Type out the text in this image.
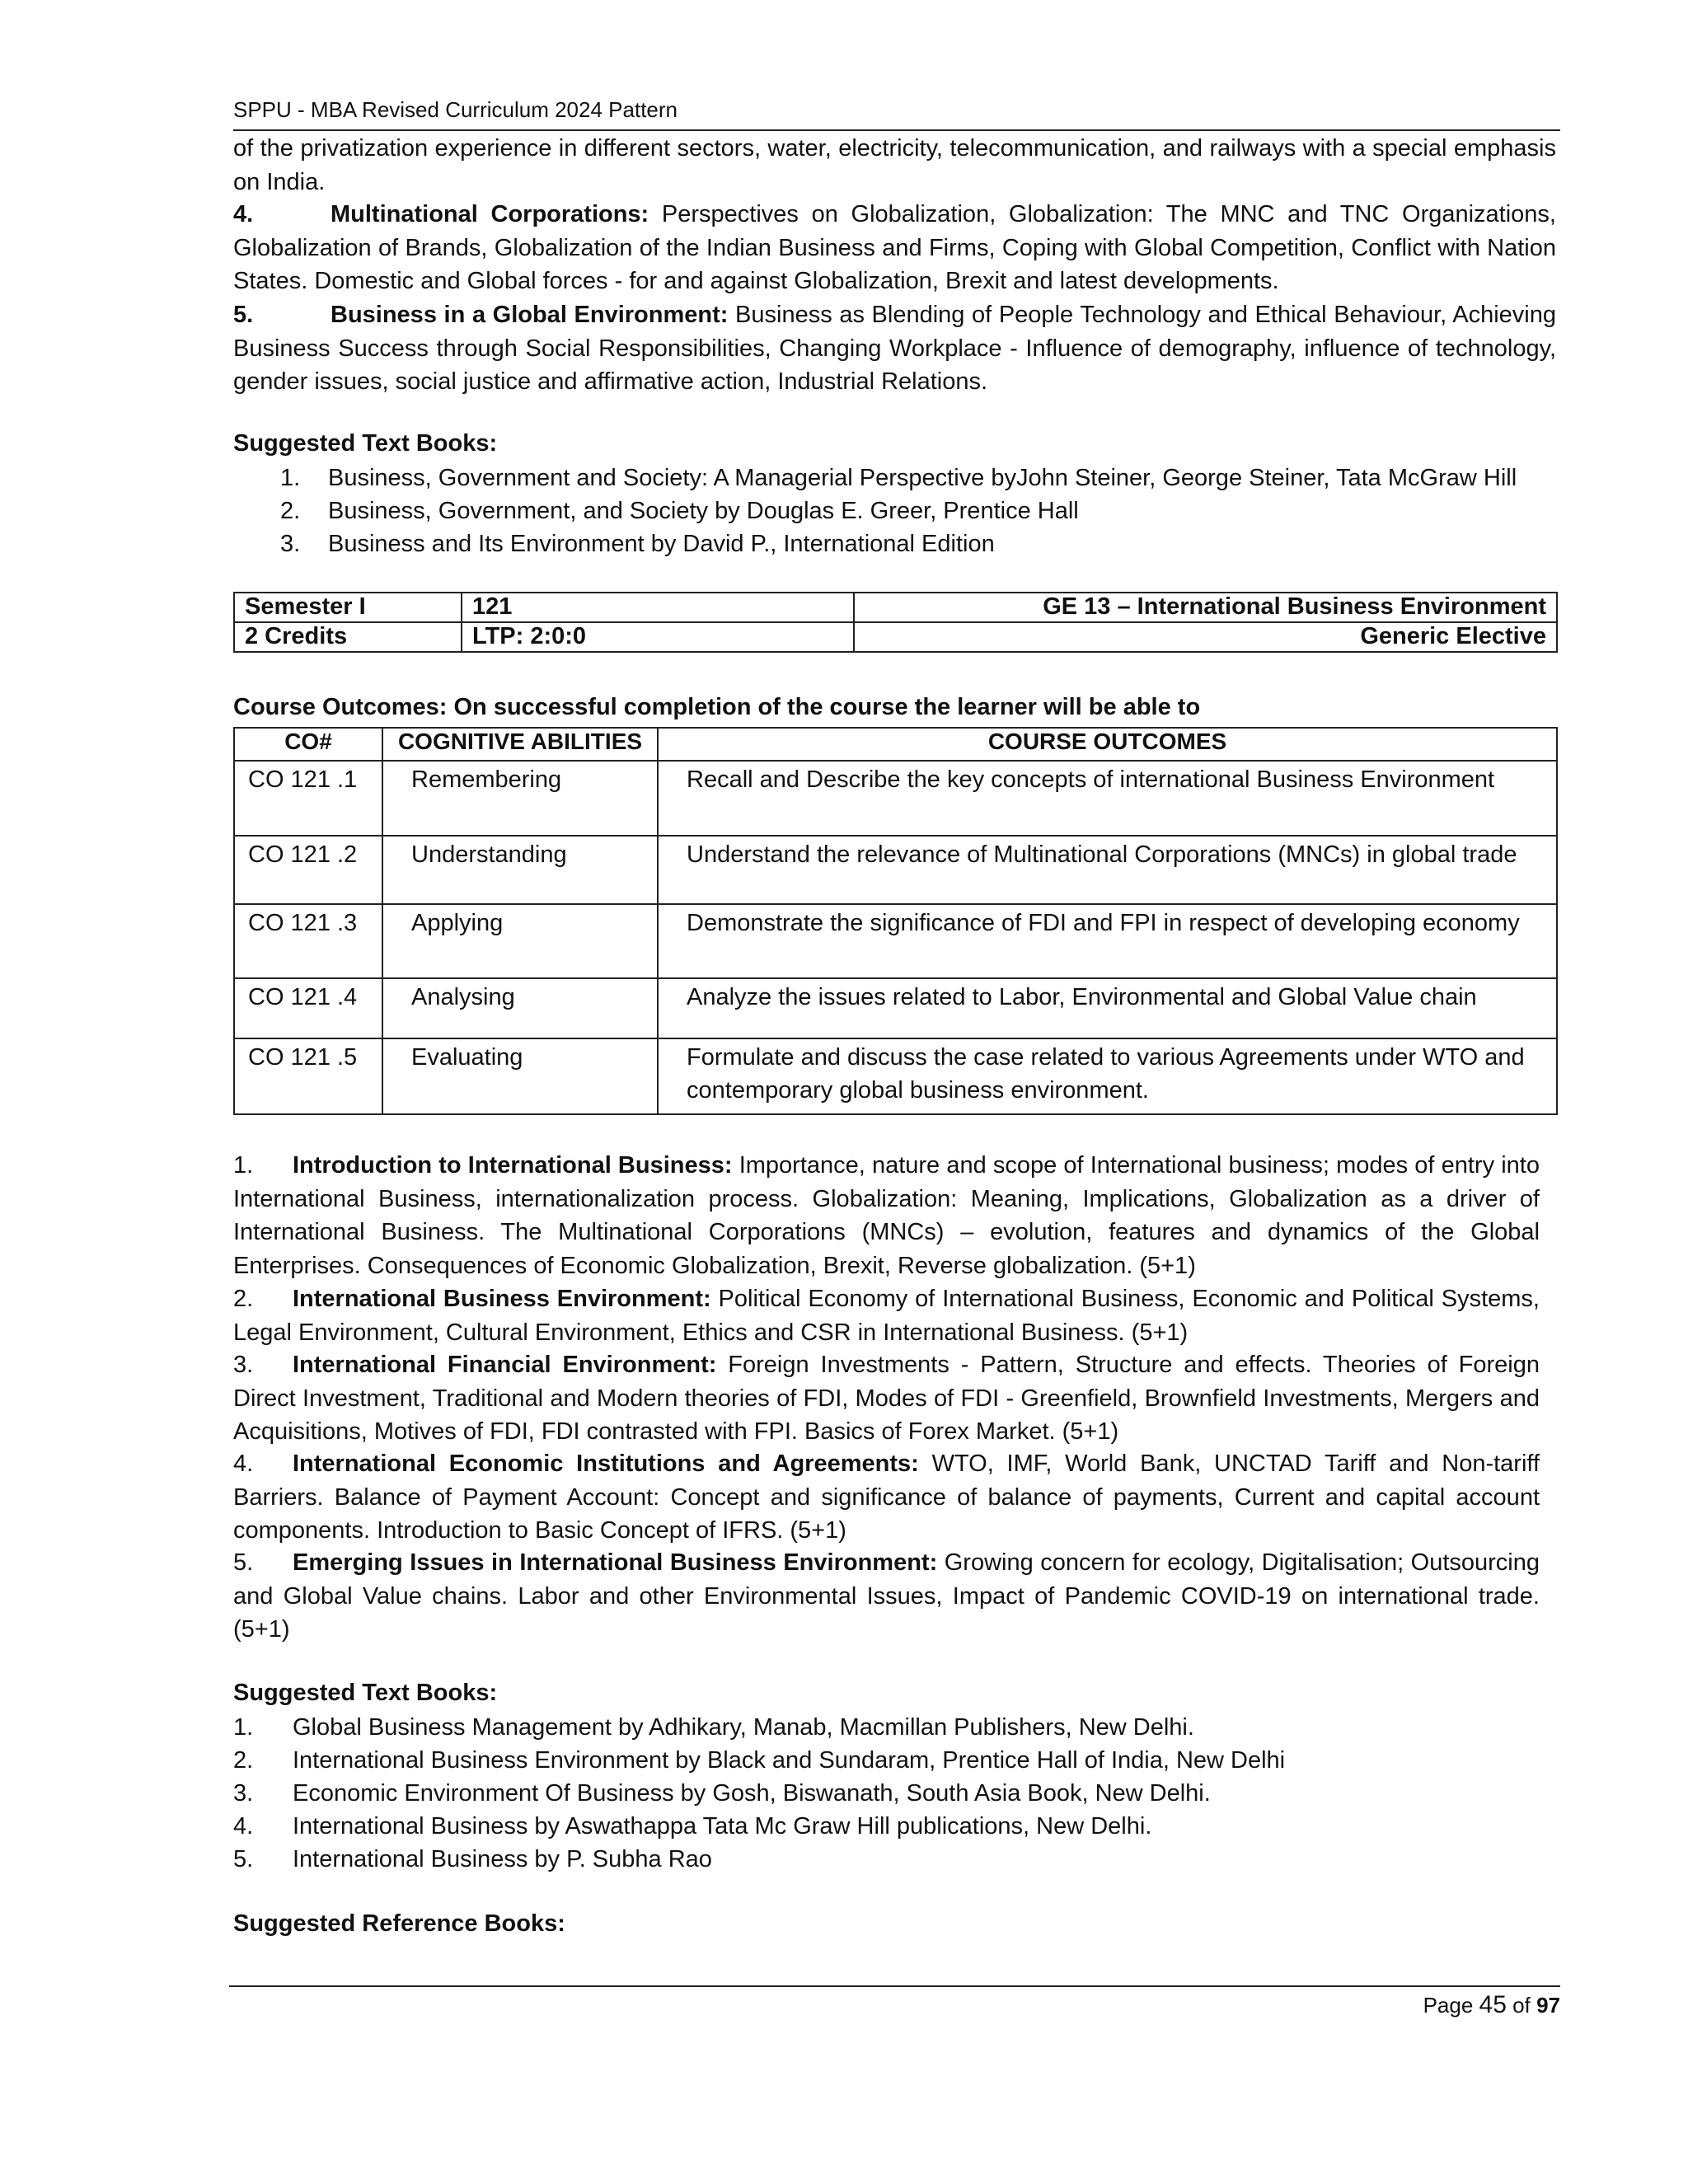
SPPU - MBA Revised Curriculum 2024 Pattern
of the privatization experience in different sectors, water, electricity, telecommunication, and railways with a special emphasis on India.
4.	Multinational Corporations: Perspectives on Globalization, Globalization: The MNC and TNC Organizations, Globalization of Brands, Globalization of the Indian Business and Firms, Coping with Global Competition, Conflict with Nation States. Domestic and Global forces - for and against Globalization, Brexit and latest developments.
5.	Business in a Global Environment: Business as Blending of People Technology and Ethical Behaviour, Achieving Business Success through Social Responsibilities, Changing Workplace - Influence of demography, influence of technology, gender issues, social justice and affirmative action, Industrial Relations.
Suggested Text Books:
1.	Business, Government and Society: A Managerial Perspective byJohn Steiner, George Steiner, Tata McGraw Hill
2.	Business, Government, and Society by Douglas E. Greer, Prentice Hall
3.	Business and Its Environment by David P., International Edition
Semester I	121	GE 13 – International Business Environment
2 Credits	LTP: 2:0:0	Generic Elective
Course Outcomes: On successful completion of the course the learner will be able to
CO#	COGNITIVE ABILITIES	COURSE OUTCOMES
CO 121 .1	Remembering	Recall and Describe the key concepts of international Business Environment
CO 121 .2	Understanding	Understand the relevance of Multinational Corporations (MNCs) in global trade
CO 121 .3	Applying	Demonstrate the significance of FDI and FPI in respect of developing economy
CO 121 .4	Analysing	Analyze the issues related to Labor, Environmental and Global Value chain
CO 121 .5	Evaluating	Formulate and discuss the case related to various Agreements under WTO and contemporary global business environment.
1. Introduction to International Business: Importance, nature and scope of International business; modes of entry into International Business, internationalization process. Globalization: Meaning, Implications, Globalization as a driver of International Business. The Multinational Corporations (MNCs) – evolution, features and dynamics of the Global Enterprises. Consequences of Economic Globalization, Brexit, Reverse globalization. (5+1)
2. International Business Environment: Political Economy of International Business, Economic and Political Systems, Legal Environment, Cultural Environment, Ethics and CSR in International Business. (5+1)
3. International Financial Environment: Foreign Investments - Pattern, Structure and effects. Theories of Foreign Direct Investment, Traditional and Modern theories of FDI, Modes of FDI - Greenfield, Brownfield Investments, Mergers and Acquisitions, Motives of FDI, FDI contrasted with FPI. Basics of Forex Market. (5+1)
4. International Economic Institutions and Agreements: WTO, IMF, World Bank, UNCTAD Tariff and Non-tariff Barriers. Balance of Payment Account: Concept and significance of balance of payments, Current and capital account components. Introduction to Basic Concept of IFRS. (5+1)
5. Emerging Issues in International Business Environment: Growing concern for ecology, Digitalisation; Outsourcing and Global Value chains. Labor and other Environmental Issues, Impact of Pandemic COVID-19 on international trade. (5+1)
Suggested Text Books:
1.	Global Business Management by Adhikary, Manab, Macmillan Publishers, New Delhi.
2.	International Business Environment by Black and Sundaram, Prentice Hall of India, New Delhi
3.	Economic Environment Of Business by Gosh, Biswanath, South Asia Book, New Delhi.
4.	International Business by Aswathappa Tata Mc Graw Hill publications, New Delhi.
5.	International Business by P. Subha Rao
Suggested Reference Books:
Page 45 of 97
